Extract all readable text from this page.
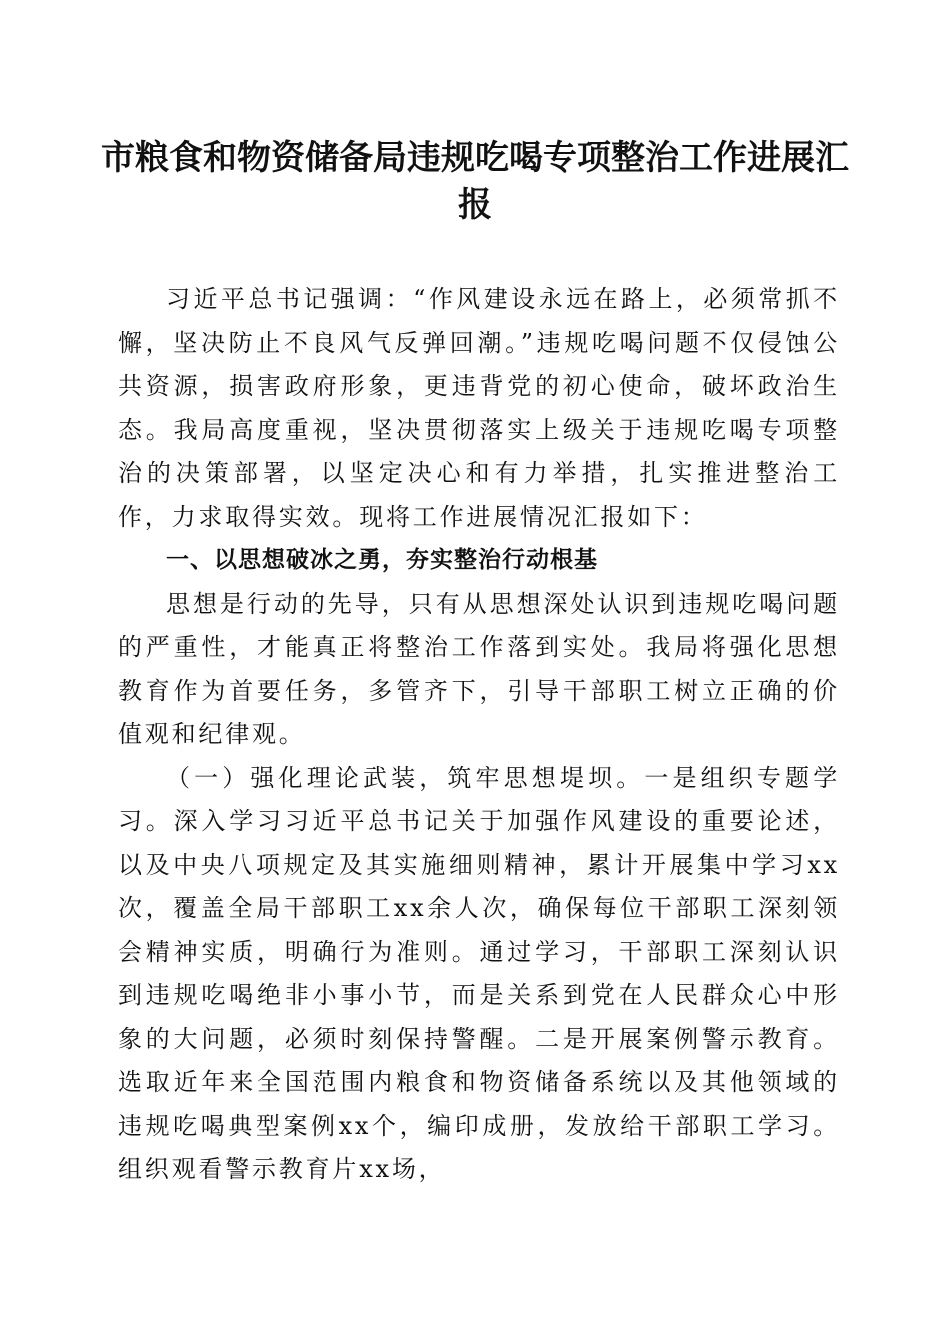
市粮食和物资储备局违规吃喝专项整治工作进展汇报

习近平总书记强调：“作风建设永远在路上，必须常抓不懈，坚决防止不良风气反弹回潮。”违规吃喝问题不仅侵蚀公共资源，损害政府形象，更违背党的初心使命，破坏政治生态。我局高度重视，坚决贯彻落实上级关于违规吃喝专项整治的决策部署，以坚定决心和有力举措，扎实推进整治工作，力求取得实效。现将工作进展情况汇报如下：

一、以思想破冰之勇，夯实整治行动根基

思想是行动的先导，只有从思想深处认识到违规吃喝问题的严重性，才能真正将整治工作落到实处。我局将强化思想教育作为首要任务，多管齐下，引导干部职工树立正确的价值观和纪律观。

（一）强化理论武装，筑牢思想堤坝。一是组织专题学习。深入学习习近平总书记关于加强作风建设的重要论述，以及中央八项规定及其实施细则精神，累计开展集中学习xx次，覆盖全局干部职工xx余人次，确保每位干部职工深刻领会精神实质，明确行为准则。通过学习，干部职工深刻认识到违规吃喝绝非小事小节，而是关系到党在人民群众心中形象的大问题，必须时刻保持警醒。二是开展案例警示教育。选取近年来全国范围内粮食和物资储备系统以及其他领域的违规吃喝典型案例xx个，编印成册，发放给干部职工学习。组织观看警示教育片xx场，
